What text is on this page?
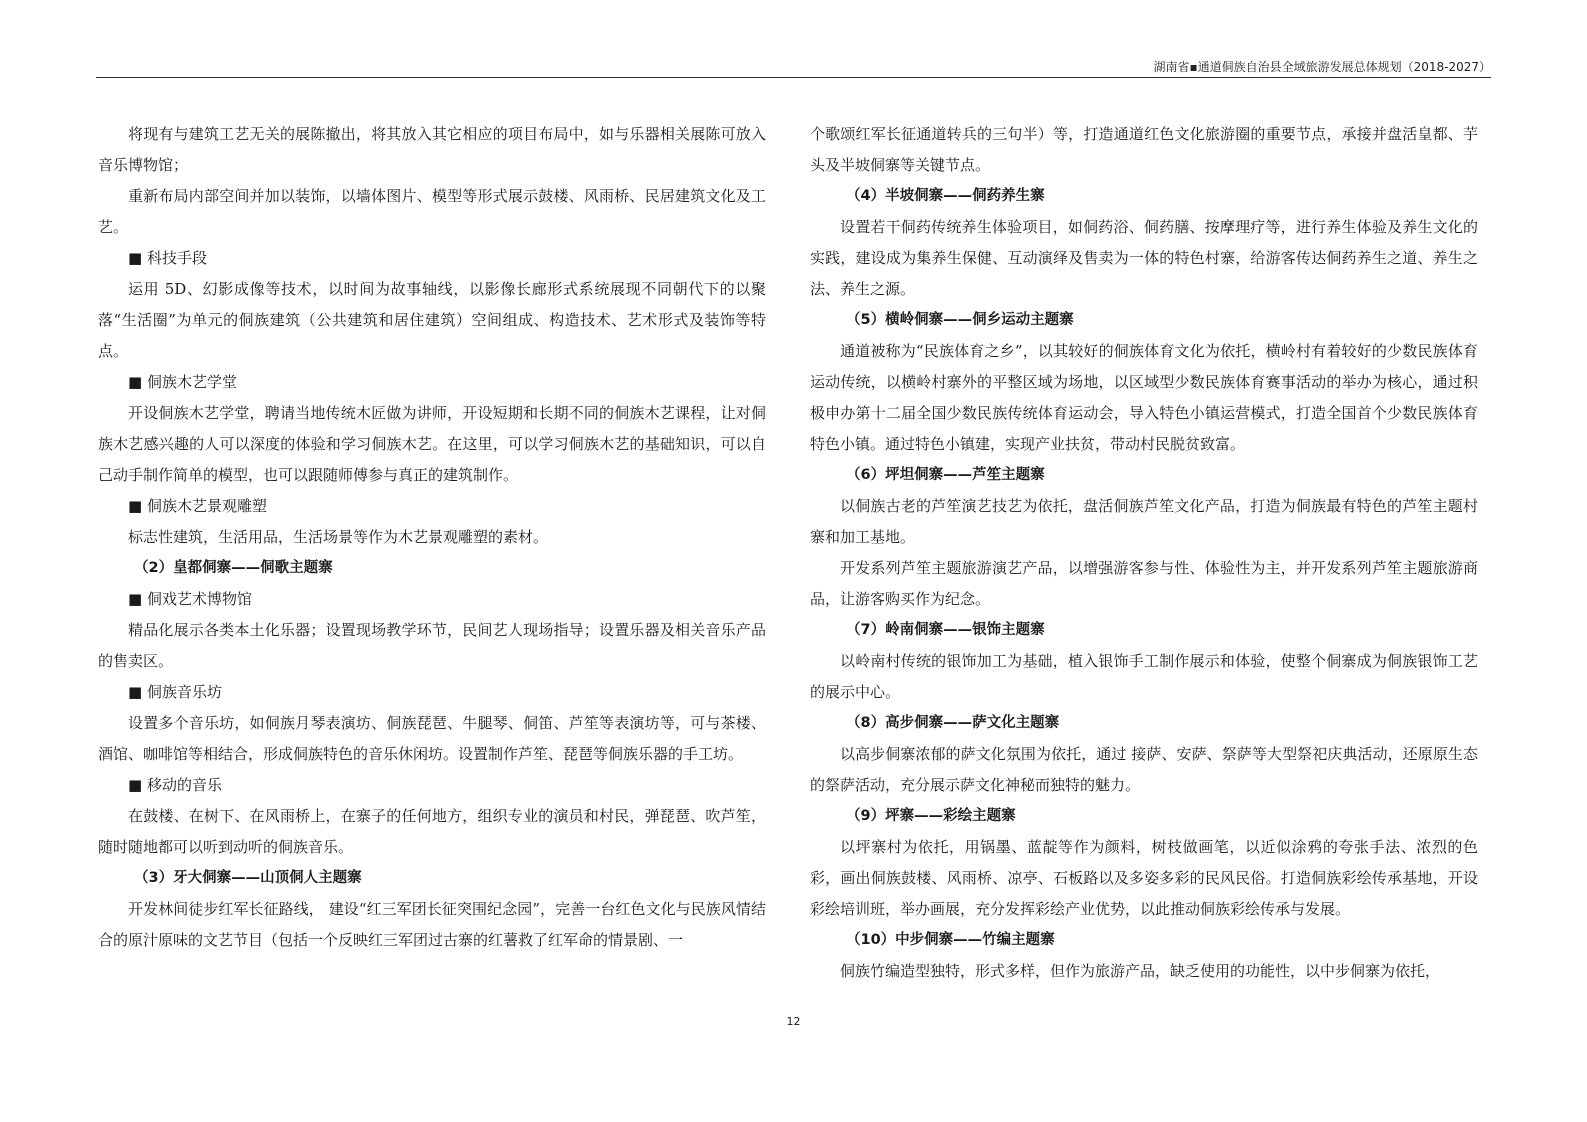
湖南省▪通道侗族自治县全域旅游发展总体规划（2018-2027）

将现有与建筑工艺无关的展陈撤出，将其放入其它相应的项目布局中，如与乐器相关展陈可放入音乐博物馆；

重新布局内部空间并加以装饰，以墙体图片、模型等形式展示鼓楼、风雨桥、民居建筑文化及工艺。

■ 科技手段

运用 5D、幻影成像等技术，以时间为故事轴线，以影像长廊形式系统展现不同朝代下的以聚落“生活圈”为单元的侗族建筑（公共建筑和居住建筑）空间组成、构造技术、艺术形式及装饰等特点。

■ 侗族木艺学堂

开设侗族木艺学堂，聘请当地传统木匠做为讲师，开设短期和长期不同的侗族木艺课程，让对侗族木艺感兴趣的人可以深度的体验和学习侗族木艺。在这里，可以学习侗族木艺的基础知识，可以自己动手制作简单的模型，也可以跟随师傅参与真正的建筑制作。

■ 侗族木艺景观雕塑

标志性建筑，生活用品，生活场景等作为木艺景观雕塑的素材。

（2）皇都侗寨——侗歌主题寨

■ 侗戏艺术博物馆

精品化展示各类本土化乐器；设置现场教学环节，民间艺人现场指导；设置乐器及相关音乐产品的售卖区。

■ 侗族音乐坊

设置多个音乐坊，如侗族月琴表演坊、侗族琵琶、牛腿琴、侗笛、芦笙等表演坊等，可与茶楼、酒馆、咖啡馆等相结合，形成侗族特色的音乐休闲坊。设置制作芦笙、琵琶等侗族乐器的手工坊。

■ 移动的音乐

在鼓楼、在树下、在风雨桥上，在寨子的任何地方，组织专业的演员和村民，弹琵琶、吹芦笙，随时随地都可以听到动听的侗族音乐。

（3）牙大侗寨——山顶侗人主题寨

开发林间徒步红军长征路线， 建设“红三军团长征突围纪念园”，完善一台红色文化与民族风情结合的原汁原味的文艺节目（包括一个反映红三军团过古寨的红薯救了红军命的情景剧、一

个歌颂红军长征通道转兵的三句半）等，打造通道红色文化旅游圈的重要节点，承接并盘活皇都、芋头及半坡侗寨等关键节点。

（4）半坡侗寨——侗药养生寨

设置若干侗药传统养生体验项目，如侗药浴、侗药膳、按摩理疗等，进行养生体验及养生文化的实践，建设成为集养生保健、互动演绎及售卖为一体的特色村寨，给游客传达侗药养生之道、养生之法、养生之源。

（5）横岭侗寨——侗乡运动主题寨

通道被称为“民族体育之乡”，以其较好的侗族体育文化为依托，横岭村有着较好的少数民族体育运动传统，以横岭村寨外的平整区域为场地，以区域型少数民族体育赛事活动的举办为核心，通过积极申办第十二届全国少数民族传统体育运动会，导入特色小镇运营模式，打造全国首个少数民族体育特色小镇。通过特色小镇建，实现产业扶贫，带动村民脱贫致富。

（6）坪坦侗寨——芦笙主题寨

以侗族古老的芦笙演艺技艺为依托，盘活侗族芦笙文化产品，打造为侗族最有特色的芦笙主题村寨和加工基地。

开发系列芦笙主题旅游演艺产品，以增强游客参与性、体验性为主，并开发系列芦笙主题旅游商品，让游客购买作为纪念。

（7）岭南侗寨——银饰主题寨

以岭南村传统的银饰加工为基础，植入银饰手工制作展示和体验，使整个侗寨成为侗族银饰工艺的展示中心。

（8）高步侗寨——萨文化主题寨

以高步侗寨浓郁的萨文化氛围为依托，通过 接萨、安萨、祭萨等大型祭祀庆典活动，还原原生态的祭萨活动，充分展示萨文化神秘而独特的魅力。

（9）坪寨——彩绘主题寨

以坪寨村为依托，用锅墨、蓝靛等作为颜料，树枝做画笔，以近似涂鸦的夸张手法、浓烈的色彩，画出侗族鼓楼、风雨桥、凉亭、石板路以及多姿多彩的民风民俗。打造侗族彩绘传承基地，开设彩绘培训班，举办画展，充分发挥彩绘产业优势，以此推动侗族彩绘传承与发展。

（10）中步侗寨——竹编主题寨

侗族竹编造型独特，形式多样，但作为旅游产品，缺乏使用的功能性，以中步侗寨为依托，

12
